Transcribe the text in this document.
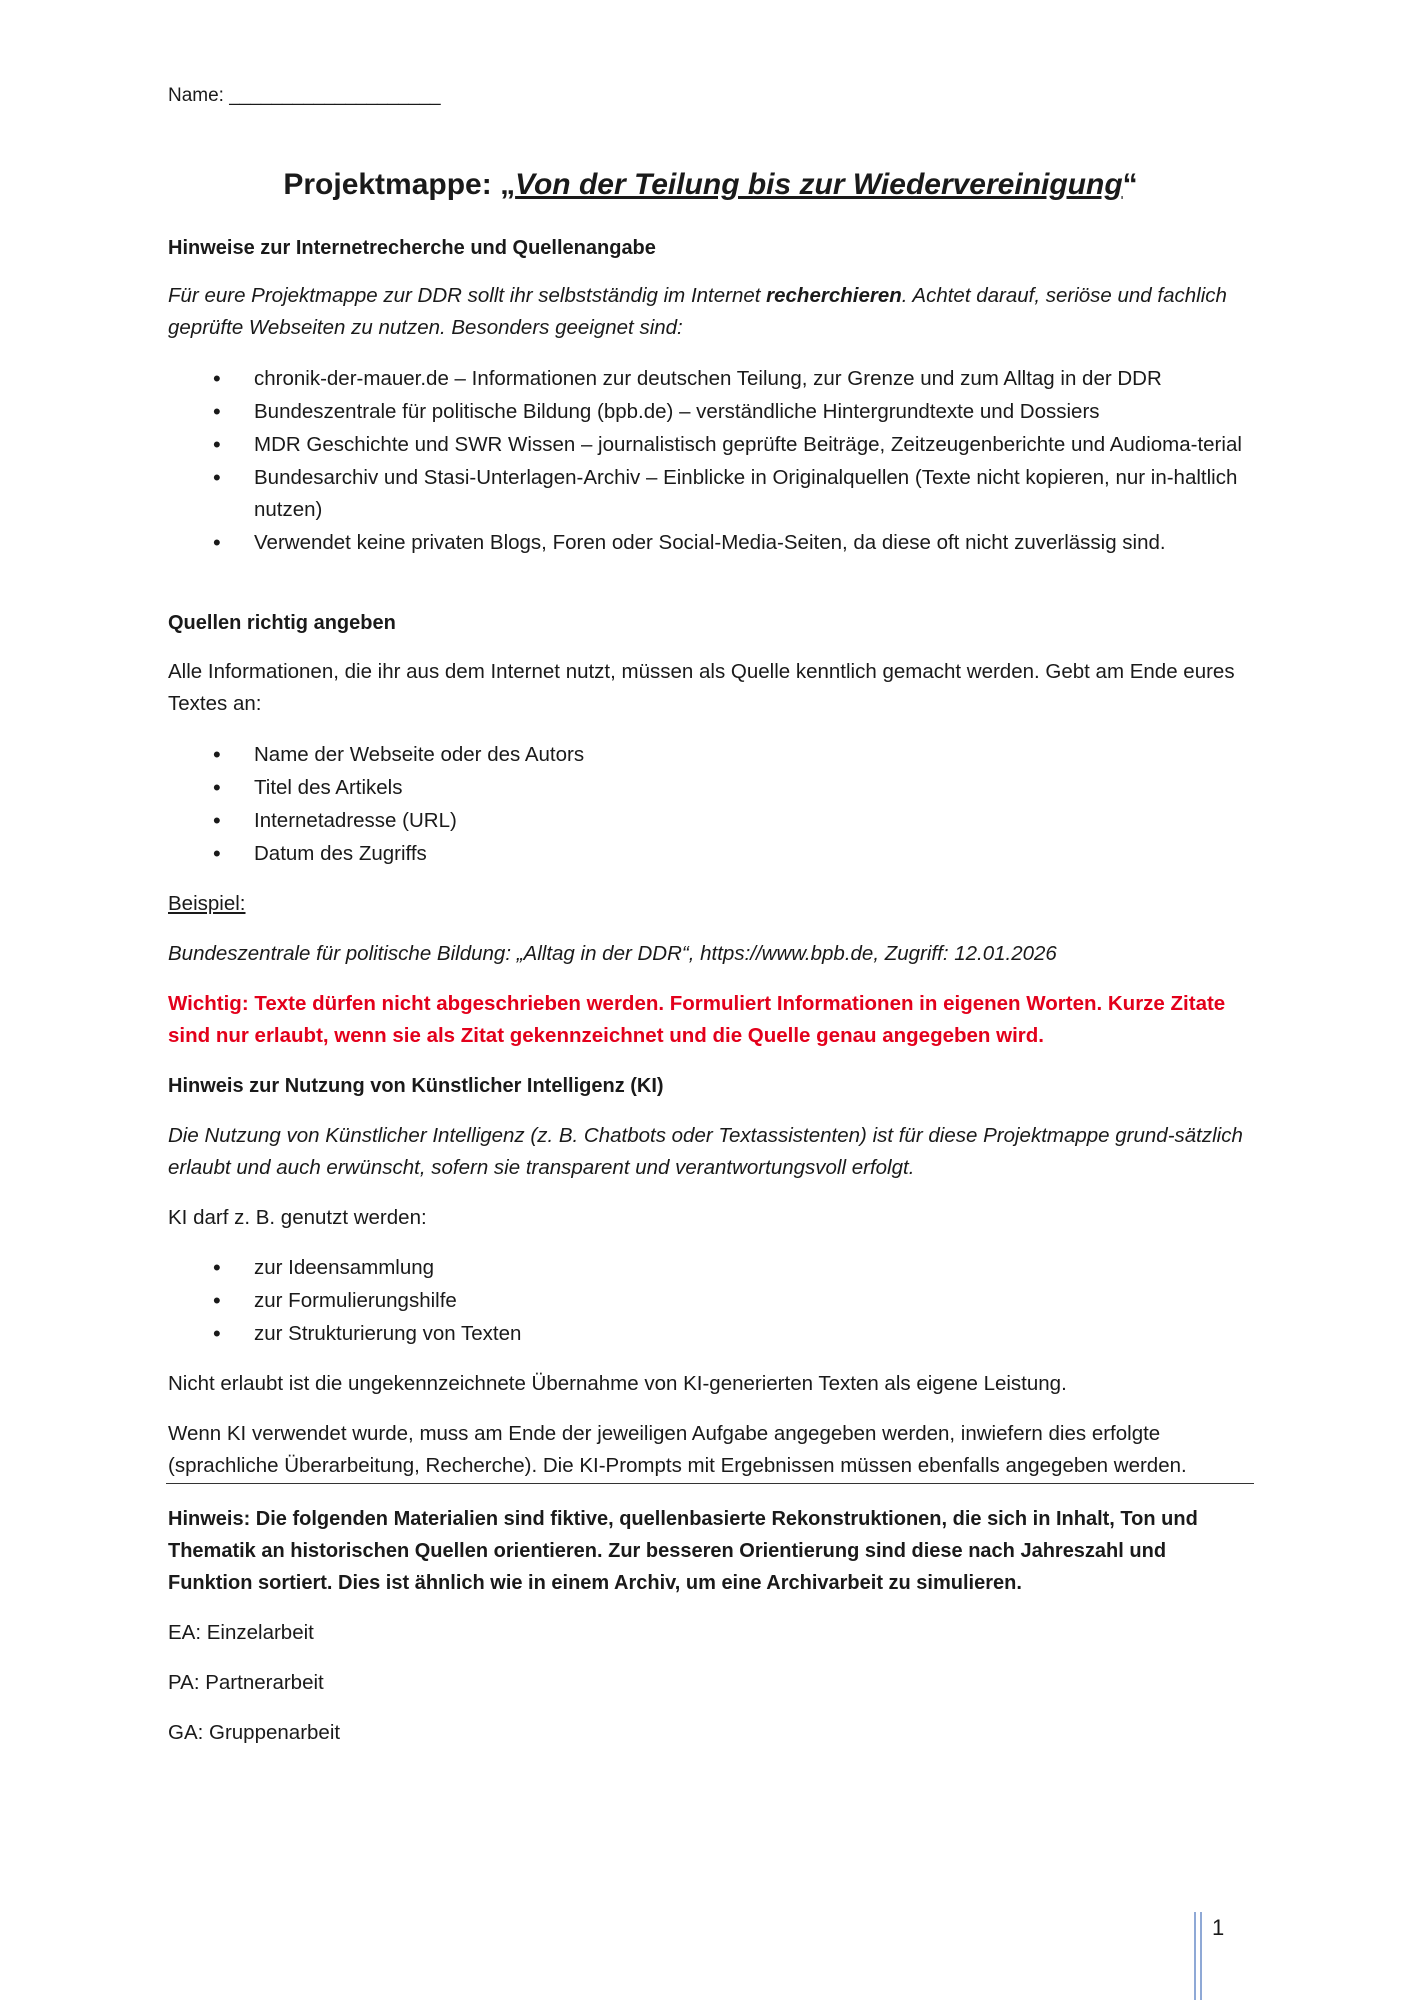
Name: ____________________
Projektmappe: „Von der Teilung bis zur Wiedervereinigung“

Hinweise zur Internetrecherche und Quellenangabe

Für eure Projektmappe zur DDR sollt ihr selbstständig im Internet recherchieren. Achtet darauf, seriöse und fachlich geprüfte Webseiten zu nutzen. Besonders geeignet sind:

• chronik-der-mauer.de – Informationen zur deutschen Teilung, zur Grenze und zum Alltag in der DDR
• Bundeszentrale für politische Bildung (bpb.de) – verständliche Hintergrundtexte und Dossiers
• MDR Geschichte und SWR Wissen – journalistisch geprüfte Beiträge, Zeitzeugenberichte und Audioma-terial
• Bundesarchiv und Stasi-Unterlagen-Archiv – Einblicke in Originalquellen (Texte nicht kopieren, nur in-haltlich nutzen)
• Verwendet keine privaten Blogs, Foren oder Social-Media-Seiten, da diese oft nicht zuverlässig sind.

Quellen richtig angeben

Alle Informationen, die ihr aus dem Internet nutzt, müssen als Quelle kenntlich gemacht werden. Gebt am Ende eures Textes an:

• Name der Webseite oder des Autors
• Titel des Artikels
• Internetadresse (URL)
• Datum des Zugriffs

Beispiel:

Bundeszentrale für politische Bildung: „Alltag in der DDR“, https://www.bpb.de, Zugriff: 12.01.2026

Wichtig: Texte dürfen nicht abgeschrieben werden. Formuliert Informationen in eigenen Worten. Kurze Zitate sind nur erlaubt, wenn sie als Zitat gekennzeichnet und die Quelle genau angegeben wird.

Hinweis zur Nutzung von Künstlicher Intelligenz (KI)

Die Nutzung von Künstlicher Intelligenz (z. B. Chatbots oder Textassistenten) ist für diese Projektmappe grund-sätzlich erlaubt und auch erwünscht, sofern sie transparent und verantwortungsvoll erfolgt.

KI darf z. B. genutzt werden:

• zur Ideensammlung
• zur Formulierungshilfe
• zur Strukturierung von Texten

Nicht erlaubt ist die ungekennzeichnete Übernahme von KI-generierten Texten als eigene Leistung.

Wenn KI verwendet wurde, muss am Ende der jeweiligen Aufgabe angegeben werden, inwiefern dies erfolgte (sprachliche Überarbeitung, Recherche). Die KI-Prompts mit Ergebnissen müssen ebenfalls angegeben werden.

Hinweis: Die folgenden Materialien sind fiktive, quellenbasierte Rekonstruktionen, die sich in Inhalt, Ton und Thematik an historischen Quellen orientieren. Zur besseren Orientierung sind diese nach Jahreszahl und Funktion sortiert. Dies ist ähnlich wie in einem Archiv, um eine Archivarbeit zu simulieren.

EA: Einzelarbeit

PA: Partnerarbeit

GA: Gruppenarbeit

1
